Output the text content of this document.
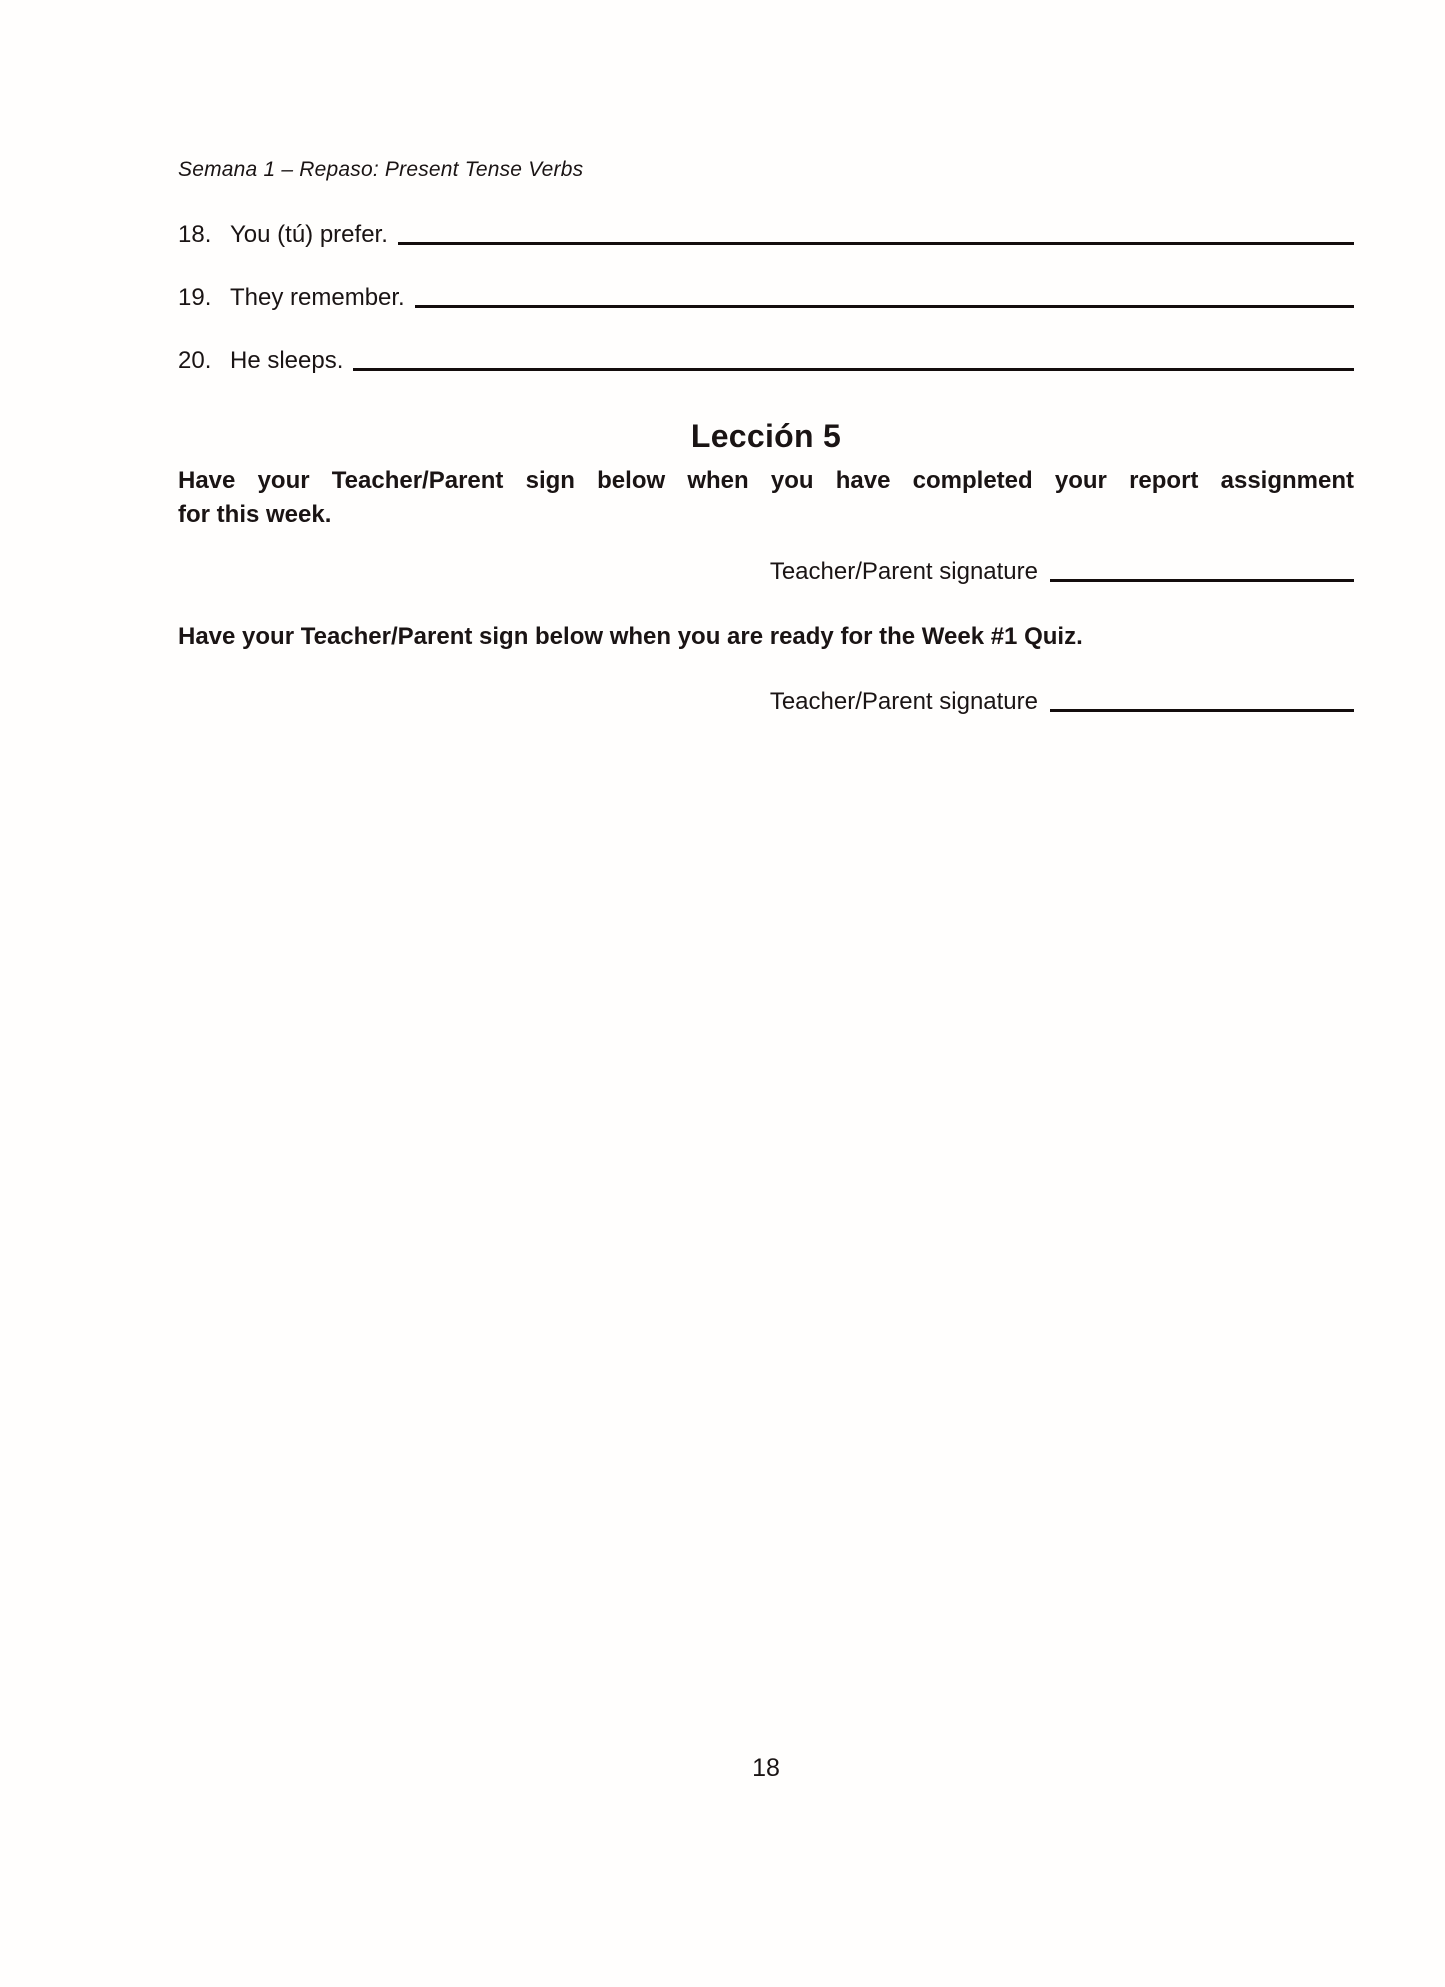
Semana 1 – Repaso: Present Tense Verbs
18. You (tú) prefer.
19. They remember.
20. He sleeps.
Lección 5
Have your Teacher/Parent sign below when you have completed your report assignment
for this week.
Teacher/Parent signature
Have your Teacher/Parent sign below when you are ready for the Week #1 Quiz.
Teacher/Parent signature
18
